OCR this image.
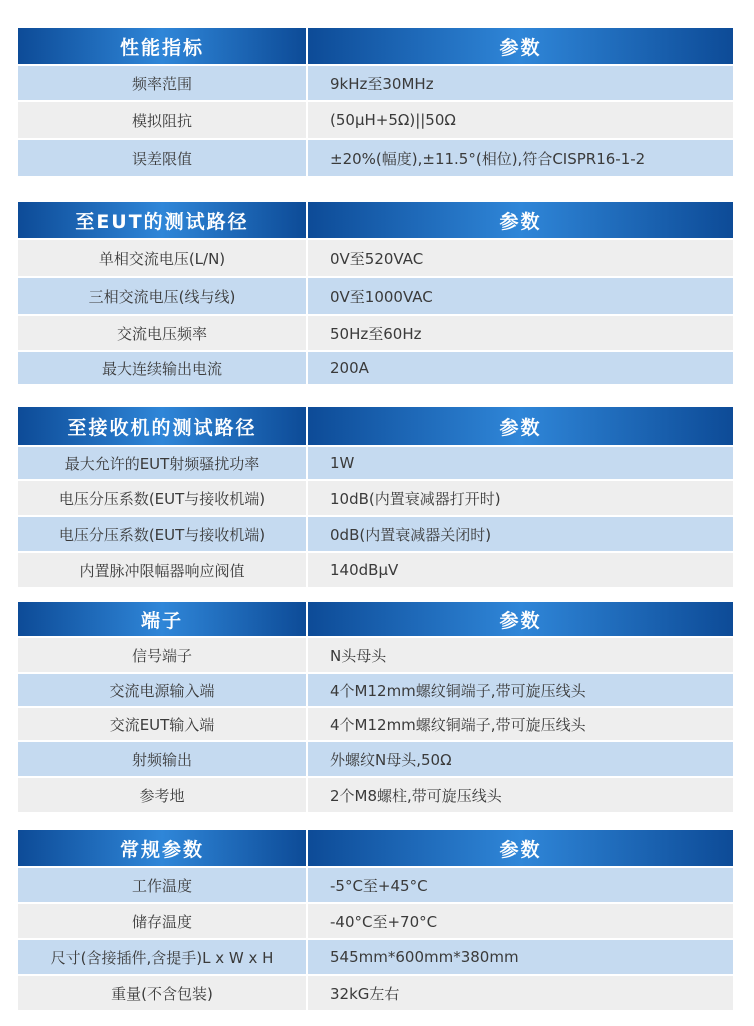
性能指标	参数
频率范围	9kHz至30MHz
模拟阻抗	(50μH+5Ω)||50Ω
误差限值	±20%(幅度),±11.5°(相位),符合CISPR16-1-2
至EUT的测试路径	参数
单相交流电压(L/N)	0V至520VAC
三相交流电压(线与线)	0V至1000VAC
交流电压频率	50Hz至60Hz
最大连续输出电流	200A
至接收机的测试路径	参数
最大允许的EUT射频骚扰功率	1W
电压分压系数(EUT与接收机端)	10dB(内置衰减器打开时)
电压分压系数(EUT与接收机端)	0dB(内置衰减器关闭时)
内置脉冲限幅器响应阀值	140dBμV
端子	参数
信号端子	N头母头
交流电源输入端	4个M12mm螺纹铜端子,带可旋压线头
交流EUT输入端	4个M12mm螺纹铜端子,带可旋压线头
射频输出	外螺纹N母头,50Ω
参考地	2个M8螺柱,带可旋压线头
常规参数	参数
工作温度	-5°C至+45°C
储存温度	-40°C至+70°C
尺寸(含接插件,含提手)L x W x H	545mm*600mm*380mm
重量(不含包装)	32kG左右
